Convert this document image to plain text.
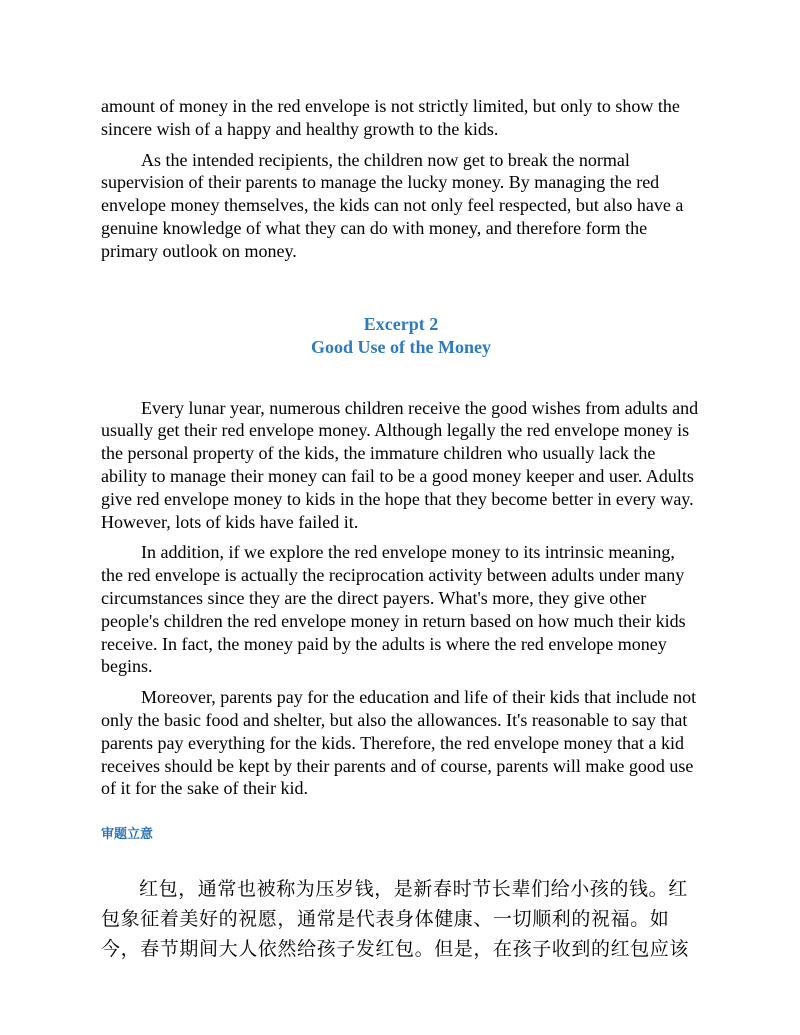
amount of money in the red envelope is not strictly limited, but only to show the sincere wish of a happy and healthy growth to the kids.

As the intended recipients, the children now get to break the normal supervision of their parents to manage the lucky money. By managing the red envelope money themselves, the kids can not only feel respected, but also have a genuine knowledge of what they can do with money, and therefore form the primary outlook on money.

Excerpt 2
Good Use of the Money

Every lunar year, numerous children receive the good wishes from adults and usually get their red envelope money. Although legally the red envelope money is the personal property of the kids, the immature children who usually lack the ability to manage their money can fail to be a good money keeper and user. Adults give red envelope money to kids in the hope that they become better in every way. However, lots of kids have failed it.

In addition, if we explore the red envelope money to its intrinsic meaning, the red envelope is actually the reciprocation activity between adults under many circumstances since they are the direct payers. What's more, they give other people's children the red envelope money in return based on how much their kids receive. In fact, the money paid by the adults is where the red envelope money begins.

Moreover, parents pay for the education and life of their kids that include not only the basic food and shelter, but also the allowances. It's reasonable to say that parents pay everything for the kids. Therefore, the red envelope money that a kid receives should be kept by their parents and of course, parents will make good use of it for the sake of their kid.

审题立意

红包，通常也被称为压岁钱，是新春时节长辈们给小孩的钱。红包象征着美好的祝愿，通常是代表身体健康、一切顺利的祝福。如今，春节期间大人依然给孩子发红包。但是，在孩子收到的红包应该
